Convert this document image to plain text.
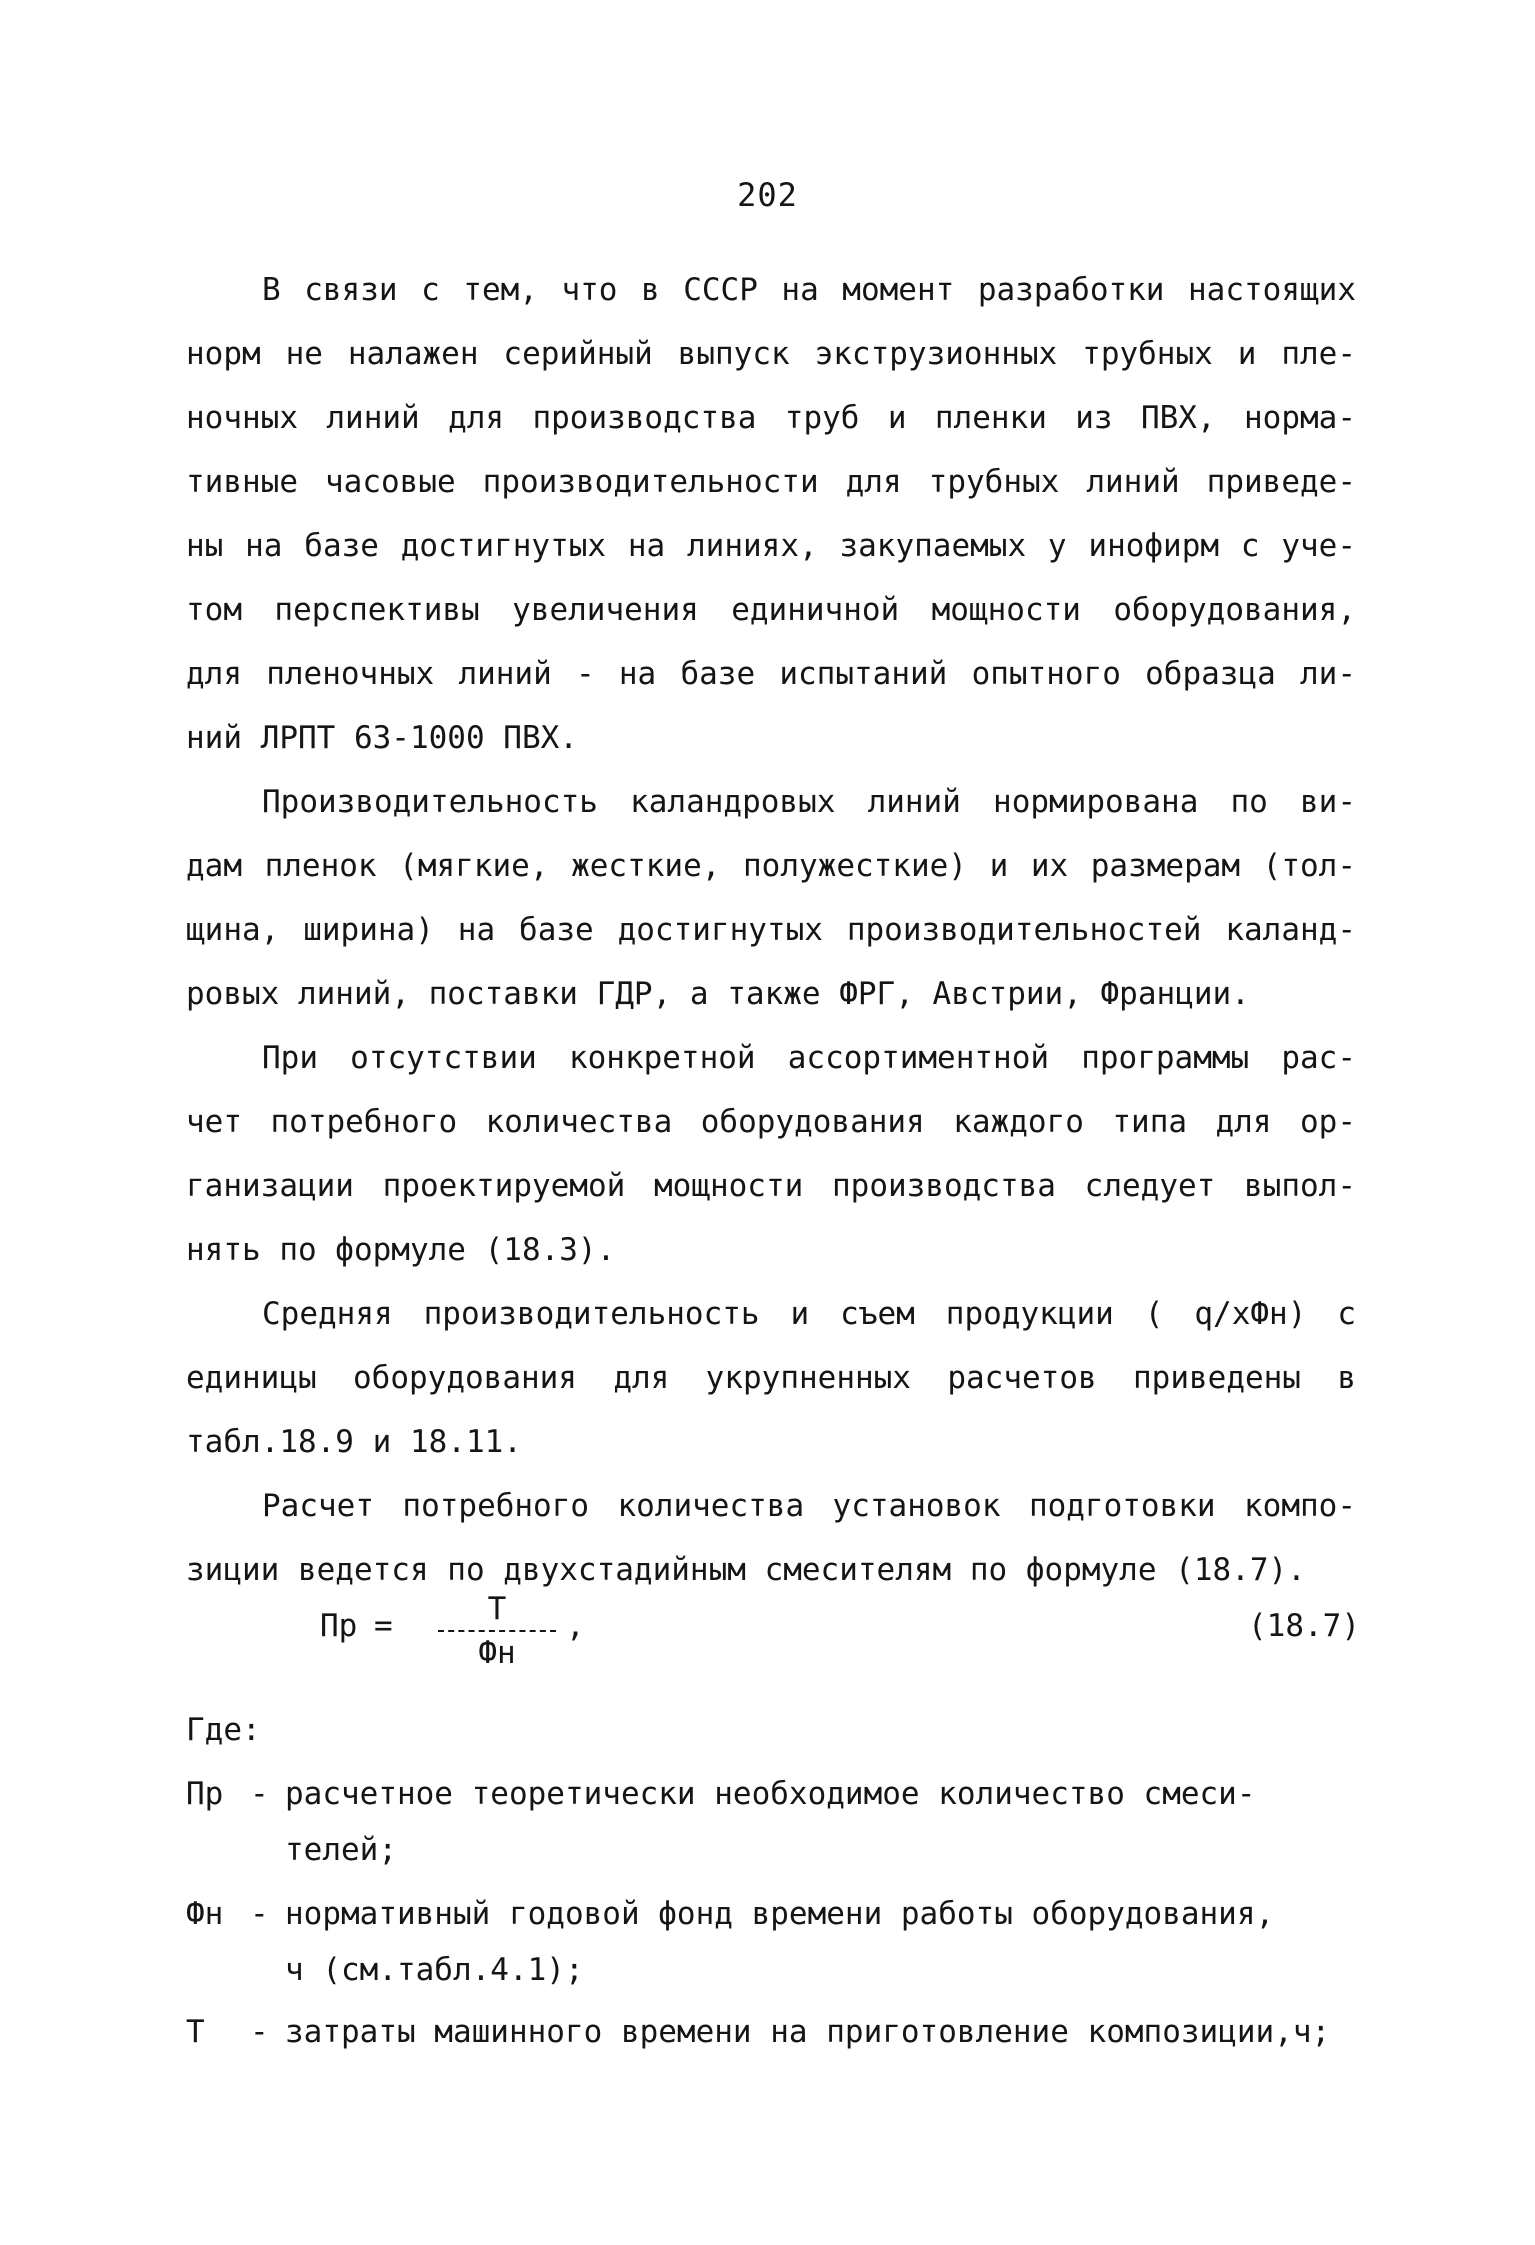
202
В связи с тем, что в СССР на момент разработки настоящих
норм не налажен серийный выпуск экструзионных трубных и пле-
ночных линий для производства труб и пленки из ПВХ, норма-
тивные часовые производительности для трубных линий приведе-
ны на базе достигнутых на линиях, закупаемых у инофирм с уче-
том перспективы увеличения единичной мощности оборудования,
для пленочных линий - на базе испытаний опытного образца ли-
ний ЛРПТ 63-1000 ПВХ.
Производительность каландровых линий нормирована по ви-
дам пленок (мягкие, жесткие, полужесткие) и их размерам (тол-
щина, ширина) на базе достигнутых производительностей каланд-
ровых линий, поставки ГДР, а также ФРГ, Австрии, Франции.
При отсутствии конкретной ассортиментной программы рас-
чет потребного количества оборудования каждого типа для ор-
ганизации проектируемой мощности производства следует выпол-
нять по формуле (18.3).
Средняя производительность и съем продукции ( q/хФн) с
единицы оборудования для укрупненных расчетов приведены в
табл.18.9 и 18.11.
Расчет потребного количества установок подготовки компо-
зиции ведется по двухстадийным смесителям по формуле (18.7).
Пр =	Т
Фн
,	(18.7)
Где:
Пр - расчетное теоретически необходимое количество смеси-
телей;
Фн - нормативный годовой фонд времени работы оборудования,
ч (см.табл.4.1);
Т - затраты машинного времени на приготовление композиции,ч;
